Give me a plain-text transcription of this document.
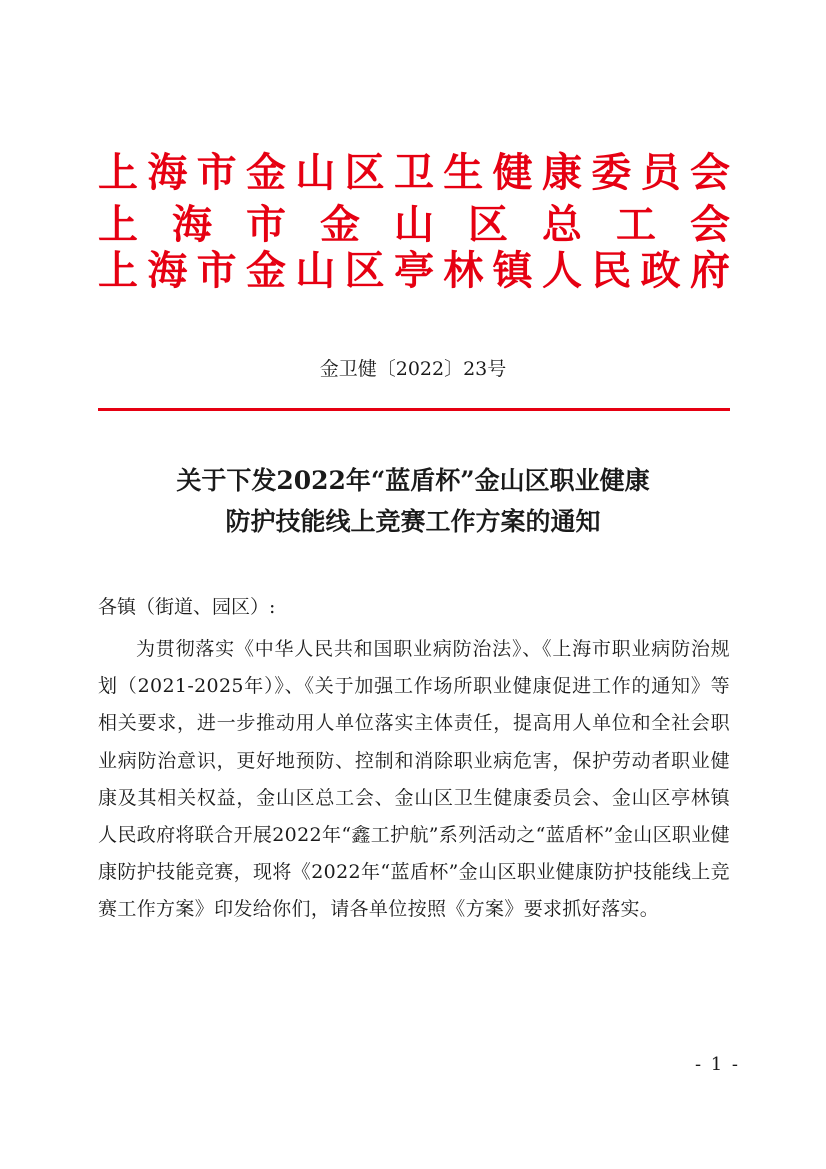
上 海 市 金 山 区 卫 生 健 康 委 员 会
上 海 市 金 山 区 总 工 会
上 海 市 金 山 区 亭 林 镇 人 民 政 府
金卫健〔2022〕23号
关于下发2022年“蓝盾杯”金山区职业健康
防护技能线上竞赛工作方案的通知
各镇（街道、园区）:
为贯彻落实《中华人民共和国职业病防治法》、《上海市职业病防治规划（2021-2025年）》、《关于加强工作场所职业健康促进工作的通知》等相关要求，进一步推动用人单位落实主体责任，提高用人单位和全社会职业病防治意识，更好地预防、控制和消除职业病危害，保护劳动者职业健康及其相关权益，金山区总工会、金山区卫生健康委员会、金山区亭林镇人民政府将联合开展2022年“鑫工护航”系列活动之“蓝盾杯”金山区职业健康防护技能竞赛，现将《2022年“蓝盾杯”金山区职业健康防护技能线上竞赛工作方案》印发给你们，请各单位按照《方案》要求抓好落实。
- 1 -
